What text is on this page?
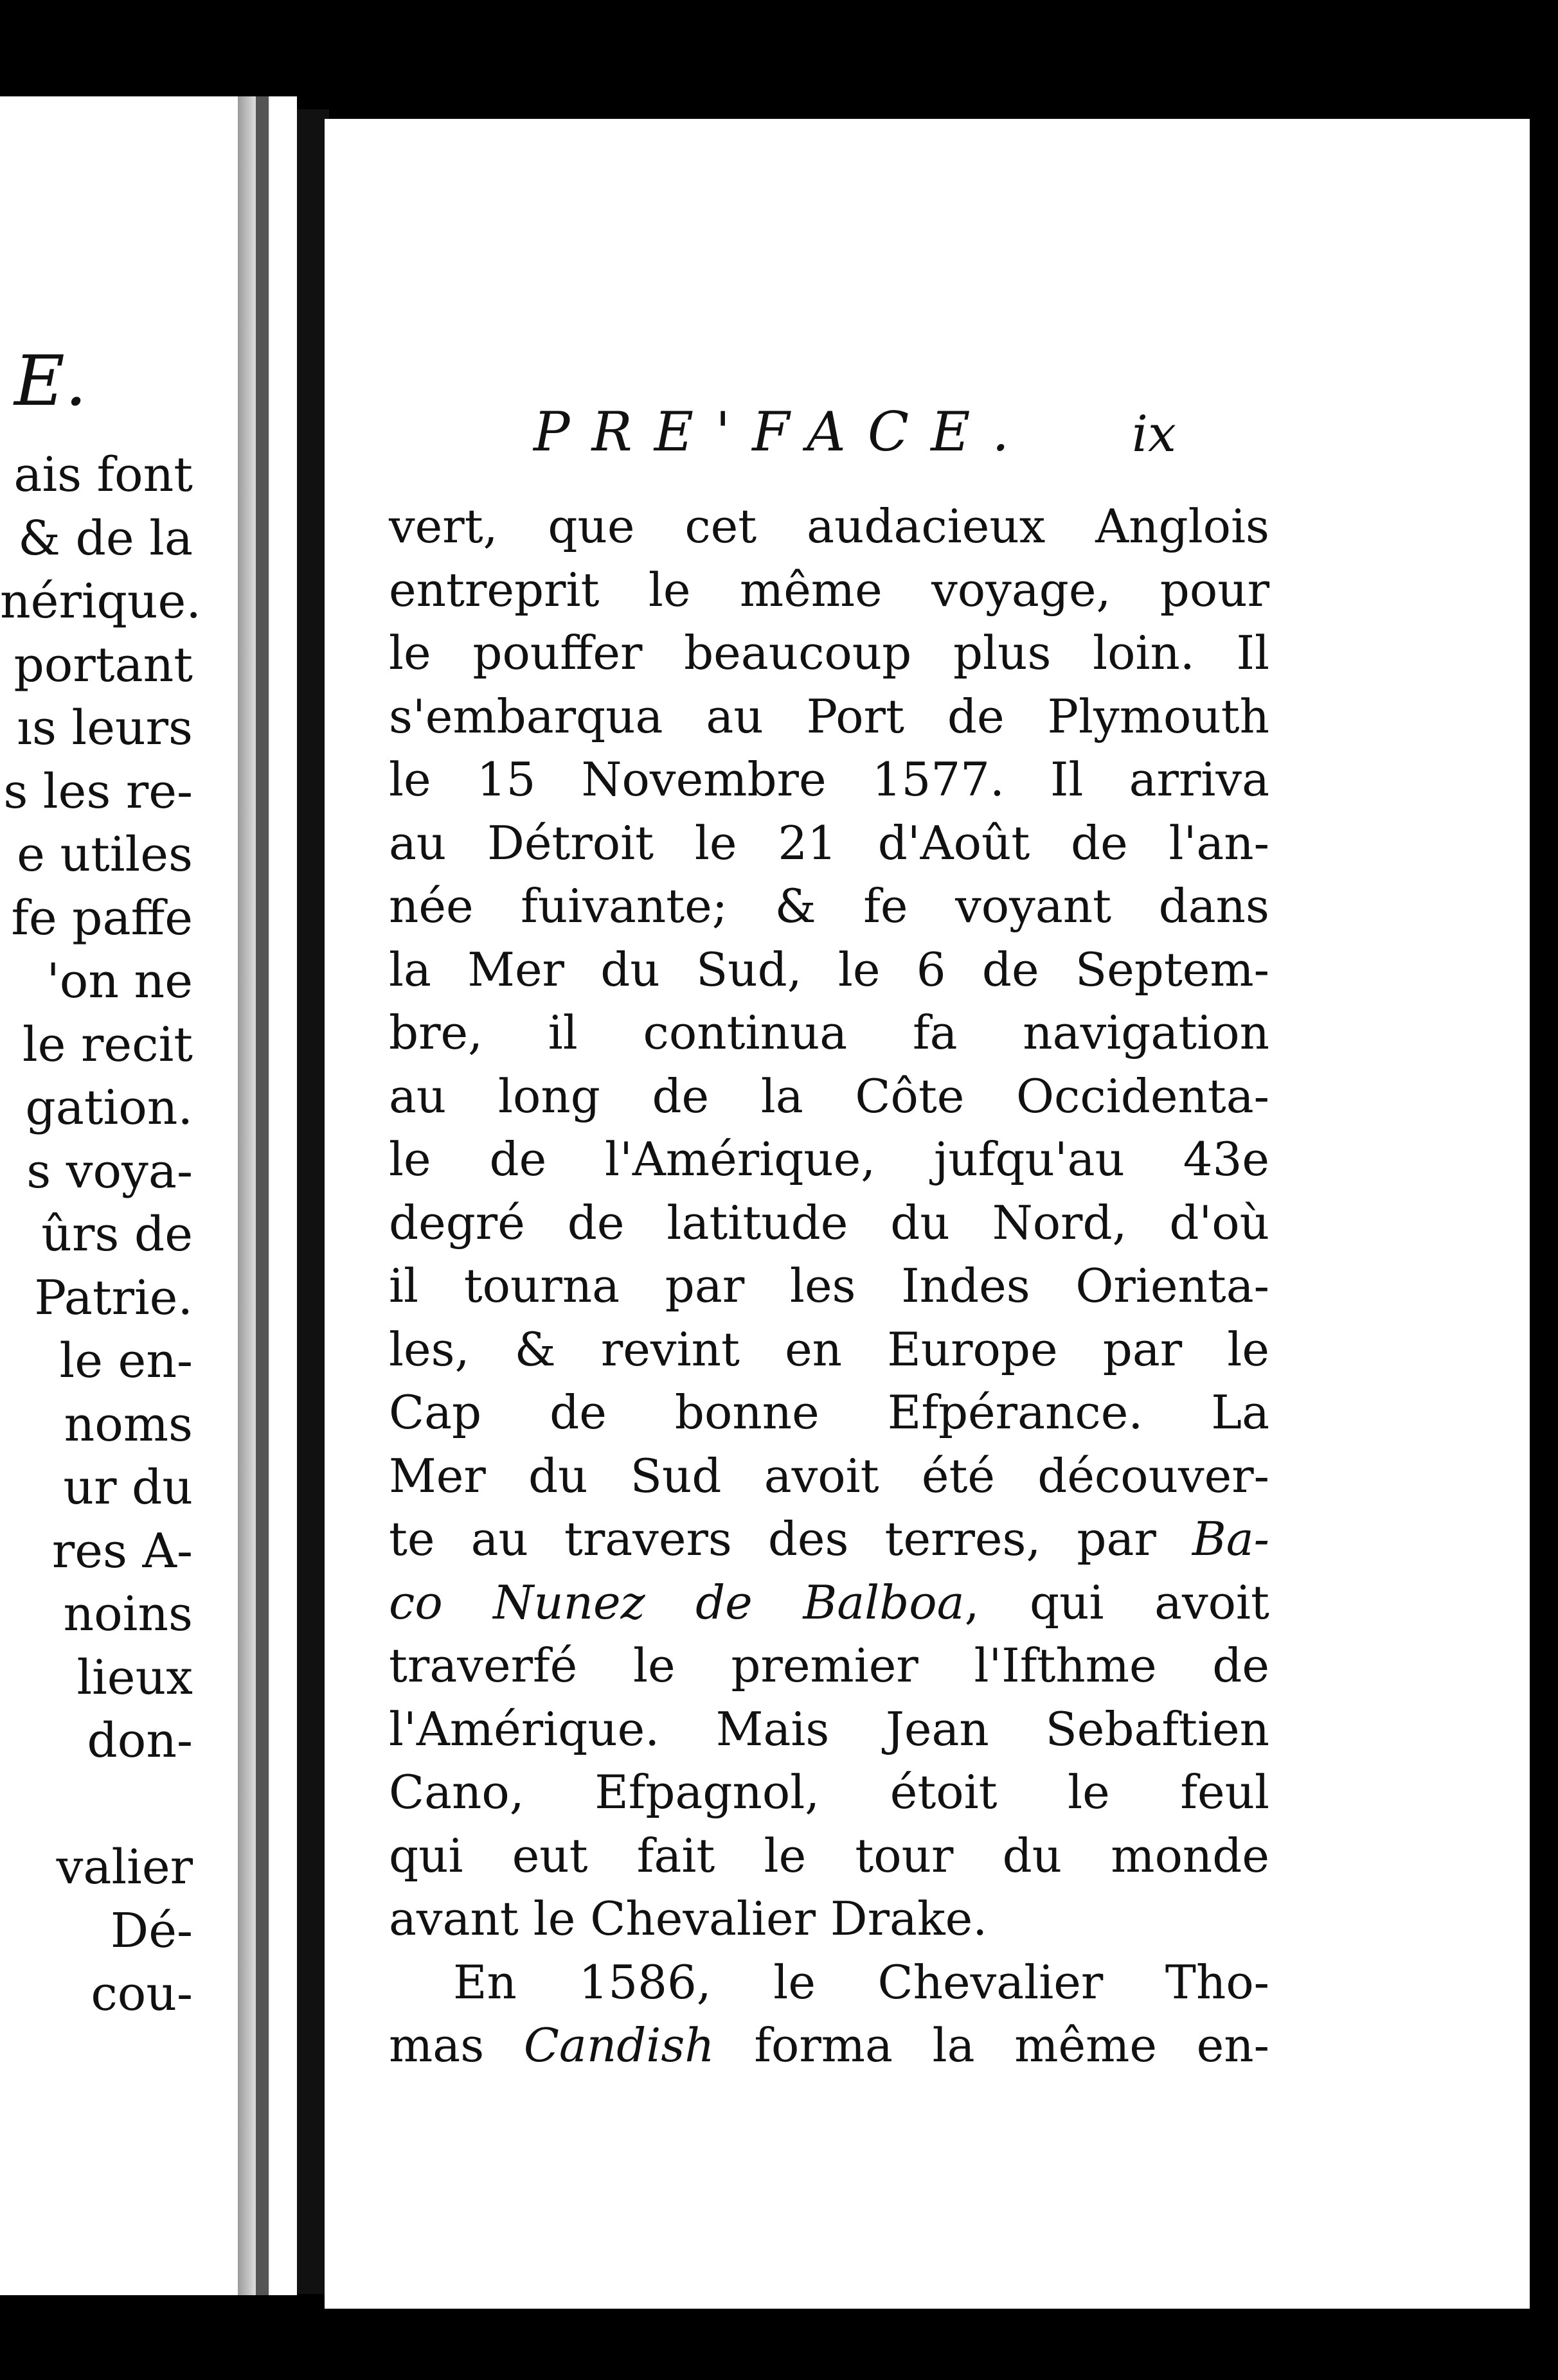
E.
ais font
& de la
nérique.
portant
ıs leurs
s les re-
e utiles
fe paffe
'on ne
le recit
gation.
s voya-
ûrs de
Patrie.
le en-
noms
ur du
res A-
noins
lieux
don-
valier
Dé-
cou-
PRE'FACE. ix
vert, que cet audacieux Anglois
entreprit le même voyage, pour
le pouffer beaucoup plus loin. Il
s'embarqua au Port de Plymouth
le 15 Novembre 1577. Il arriva
au Détroit le 21 d'Août de l'an-
née fuivante; & fe voyant dans
la Mer du Sud, le 6 de Septem-
bre, il continua fa navigation
au long de la Côte Occidenta-
le de l'Amérique, jufqu'au 43e
degré de latitude du Nord, d'où
il tourna par les Indes Orienta-
les, & revint en Europe par le
Cap de bonne Efpérance. La
Mer du Sud avoit été découver-
te au travers des terres, par Ba-
co Nunez de Balboa, qui avoit
traverfé le premier l'Ifthme de
l'Amérique. Mais Jean Sebaftien
Cano, Efpagnol, étoit le feul
qui eut fait le tour du monde
avant le Chevalier Drake.
En 1586, le Chevalier Tho-
mas Candish forma la même en-
